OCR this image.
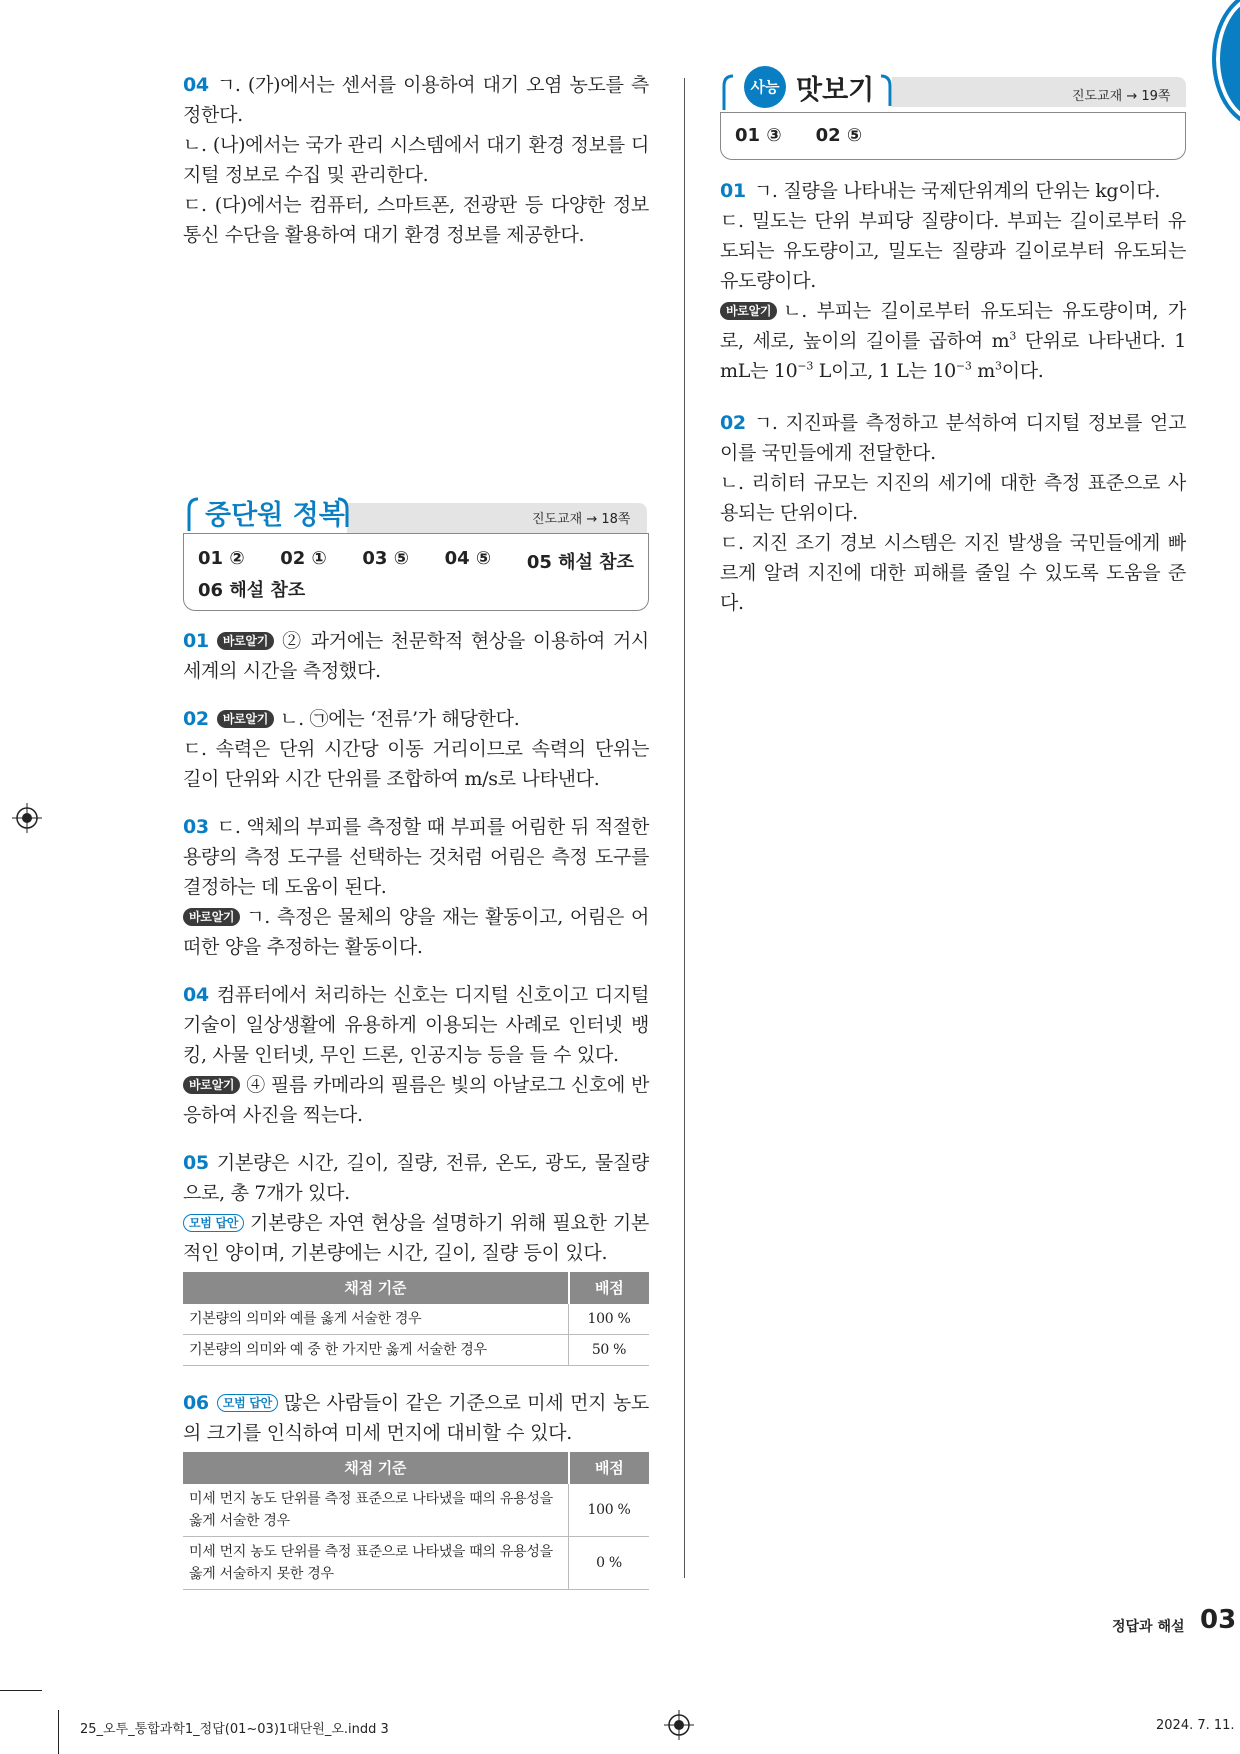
04 ㄱ. (가)에서는 센서를 이용하여 대기 오염 농도를 측정한다.

ㄴ. (나)에서는 국가 관리 시스템에서 대기 환경 정보를 디지털 정보로 수집 및 관리한다.

ㄷ. (다)에서는 컴퓨터, 스마트폰, 전광판 등 다양한 정보 통신 수단을 활용하여 대기 환경 정보를 제공한다.

중단원 정복	진도교재 → 18쪽
01 ② 02 ① 03 ⑤ 04 ⑤ 05 해설 참조
06 해설 참조

01 바로알기 ② 과거에는 천문학적 현상을 이용하여 거시 세계의 시간을 측정했다.

02 바로알기 ㄴ. ㉠에는 ‘전류’가 해당한다.

ㄷ. 속력은 단위 시간당 이동 거리이므로 속력의 단위는 길이 단위와 시간 단위를 조합하여 m/s로 나타낸다.

03 ㄷ. 액체의 부피를 측정할 때 부피를 어림한 뒤 적절한 용량의 측정 도구를 선택하는 것처럼 어림은 측정 도구를 결정하는 데 도움이 된다.

바로알기 ㄱ. 측정은 물체의 양을 재는 활동이고, 어림은 어떠한 양을 추정하는 활동이다.

04 컴퓨터에서 처리하는 신호는 디지털 신호이고 디지털 기술이 일상생활에 유용하게 이용되는 사례로 인터넷 뱅킹, 사물 인터넷, 무인 드론, 인공지능 등을 들 수 있다.

바로알기 ④ 필름 카메라의 필름은 빛의 아날로그 신호에 반응하여 사진을 찍는다.

05 기본량은 시간, 길이, 질량, 전류, 온도, 광도, 물질량으로, 총 7개가 있다.

모범 답안 기본량은 자연 현상을 설명하기 위해 필요한 기본적인 양이며, 기본량에는 시간, 길이, 질량 등이 있다.

채점 기준	배점
기본량의 의미와 예를 옳게 서술한 경우	100 %
기본량의 의미와 예 중 한 가지만 옳게 서술한 경우	50 %

06 모범 답안 많은 사람들이 같은 기준으로 미세 먼지 농도의 크기를 인식하여 미세 먼지에 대비할 수 있다.

채점 기준	배점
미세 먼지 농도 단위를 측정 표준으로 나타냈을 때의 유용성을 옳게 서술한 경우	100 %
미세 먼지 농도 단위를 측정 표준으로 나타냈을 때의 유용성을 옳게 서술하지 못한 경우	0 %
사능 맛보기	진도교재 → 19쪽
01 ③ 02 ⑤

01 ㄱ. 질량을 나타내는 국제단위계의 단위는 kg이다.

ㄷ. 밀도는 단위 부피당 질량이다. 부피는 길이로부터 유도되는 유도량이고, 밀도는 질량과 길이로부터 유도되는 유도량이다.

바로알기 ㄴ. 부피는 길이로부터 유도되는 유도량이며, 가로, 세로, 높이의 길이를 곱하여 $m^3$ 단위로 나타낸다. 1 mL는 $10^{-3}$ L이고, 1 L는 $10^{-3}$ $m^3$이다.

02 ㄱ. 지진파를 측정하고 분석하여 디지털 정보를 얻고 이를 국민들에게 전달한다.

ㄴ. 리히터 규모는 지진의 세기에 대한 측정 표준으로 사용되는 단위이다.

ㄷ. 지진 조기 경보 시스템은 지진 발생을 국민들에게 빠르게 알려 지진에 대한 피해를 줄일 수 있도록 도움을 준다.

정답과 해설 03
25_오투_통합과학1_정답(01~03)1대단원_오.indd 3	2024. 7. 11.
